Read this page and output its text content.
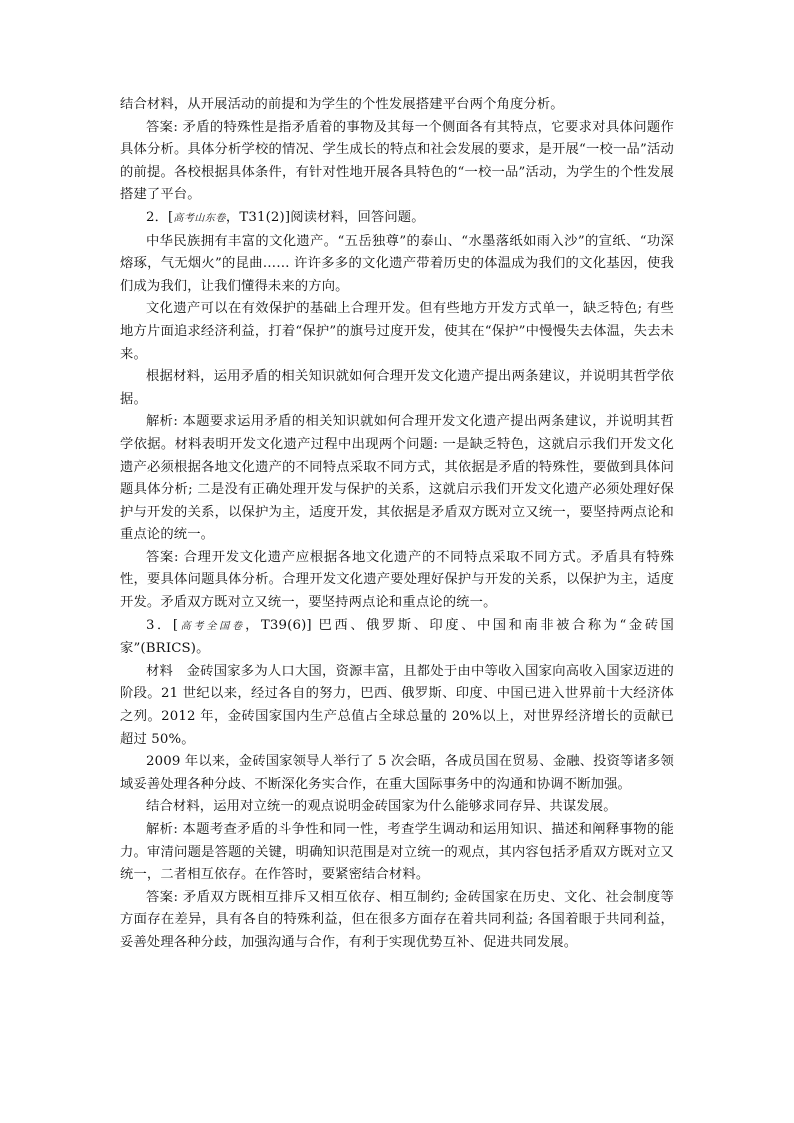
结合材料，从开展活动的前提和为学生的个性发展搭建平台两个角度分析。

答案: 矛盾的特殊性是指矛盾着的事物及其每一个侧面各有其特点，它要求对具体问题作具体分析。具体分析学校的情况、学生成长的特点和社会发展的要求，是开展“一校一品”活动的前提。各校根据具体条件，有针对性地开展各具特色的“一校一品”活动，为学生的个性发展搭建了平台。

2．[高考山东卷，T31(2)]阅读材料，回答问题。

中华民族拥有丰富的文化遗产。“五岳独尊”的泰山、“水墨落纸如雨入沙”的宣纸、“功深熔琢，气无烟火”的昆曲…… 许许多多的文化遗产带着历史的体温成为我们的文化基因，使我们成为我们，让我们懂得未来的方向。

文化遗产可以在有效保护的基础上合理开发。但有些地方开发方式单一，缺乏特色; 有些地方片面追求经济利益，打着“保护”的旗号过度开发，使其在“保护”中慢慢失去体温，失去未来。

根据材料，运用矛盾的相关知识就如何合理开发文化遗产提出两条建议，并说明其哲学依据。

解析: 本题要求运用矛盾的相关知识就如何合理开发文化遗产提出两条建议，并说明其哲学依据。材料表明开发文化遗产过程中出现两个问题: 一是缺乏特色，这就启示我们开发文化遗产必须根据各地文化遗产的不同特点采取不同方式，其依据是矛盾的特殊性，要做到具体问题具体分析; 二是没有正确处理开发与保护的关系，这就启示我们开发文化遗产必须处理好保护与开发的关系，以保护为主，适度开发，其依据是矛盾双方既对立又统一，要坚持两点论和重点论的统一。

答案: 合理开发文化遗产应根据各地文化遗产的不同特点采取不同方式。矛盾具有特殊性，要具体问题具体分析。合理开发文化遗产要处理好保护与开发的关系，以保护为主，适度开发。矛盾双方既对立又统一，要坚持两点论和重点论的统一。

3．[高考全国卷，T39(6)] 巴西、俄罗斯、印度、中国和南非被合称为“金砖国家”(BRICS)。

材料　金砖国家多为人口大国，资源丰富，且都处于由中等收入国家向高收入国家迈进的阶段。21 世纪以来，经过各自的努力，巴西、俄罗斯、印度、中国已进入世界前十大经济体之列。2012 年，金砖国家国内生产总值占全球总量的 20%以上，对世界经济增长的贡献已超过 50%。

2009 年以来，金砖国家领导人举行了 5 次会晤，各成员国在贸易、金融、投资等诸多领域妥善处理各种分歧、不断深化务实合作，在重大国际事务中的沟通和协调不断加强。

结合材料，运用对立统一的观点说明金砖国家为什么能够求同存异、共谋发展。

解析: 本题考查矛盾的斗争性和同一性，考查学生调动和运用知识、描述和阐释事物的能力。审清问题是答题的关键，明确知识范围是对立统一的观点，其内容包括矛盾双方既对立又统一，二者相互依存。在作答时，要紧密结合材料。

答案: 矛盾双方既相互排斥又相互依存、相互制约; 金砖国家在历史、文化、社会制度等方面存在差异，具有各自的特殊利益，但在很多方面存在着共同利益; 各国着眼于共同利益，妥善处理各种分歧，加强沟通与合作，有利于实现优势互补、促进共同发展。
